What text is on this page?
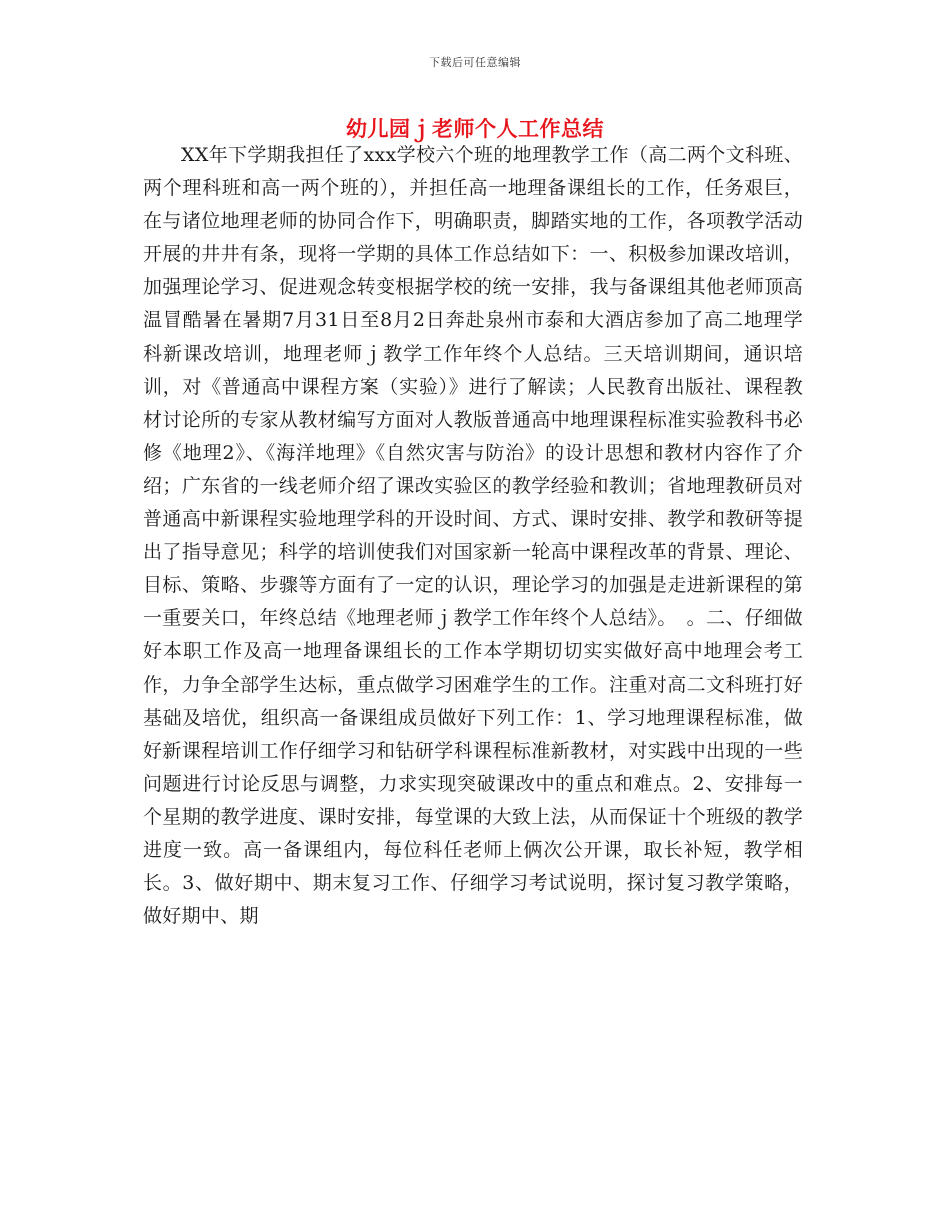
下载后可任意编辑
幼儿园ｊ老师个人工作总结

XX年下学期我担任了xxx学校六个班的地理教学工作（高二两个文科班、两个理科班和高一两个班的），并担任高一地理备课组长的工作，任务艰巨，在与诸位地理老师的协同合作下，明确职责，脚踏实地的工作，各项教学活动开展的井井有条，现将一学期的具体工作总结如下：一、积极参加课改培训，加强理论学习、促进观念转变根据学校的统一安排，我与备课组其他老师顶高温冒酷暑在暑期7月31日至8月2日奔赴泉州市泰和大酒店参加了高二地理学科新课改培训，地理老师ｊ教学工作年终个人总结。三天培训期间，通识培训，对《普通高中课程方案（实验）》进行了解读；人民教育出版社、课程教材讨论所的专家从教材编写方面对人教版普通高中地理课程标准实验教科书必修《地理2》、《海洋地理》《自然灾害与防治》的设计思想和教材内容作了介绍；广东省的一线老师介绍了课改实验区的教学经验和教训；省地理教研员对普通高中新课程实验地理学科的开设时间、方式、课时安排、教学和教研等提出了指导意见；科学的培训使我们对国家新一轮高中课程改革的背景、理论、目标、策略、步骤等方面有了一定的认识，理论学习的加强是走进新课程的第一重要关口，年终总结《地理老师ｊ教学工作年终个人总结》。　。二、仔细做好本职工作及高一地理备课组长的工作本学期切切实实做好高中地理会考工作，力争全部学生达标，重点做学习困难学生的工作。注重对高二文科班打好基础及培优，组织高一备课组成员做好下列工作：1、学习地理课程标准，做好新课程培训工作仔细学习和钻研学科课程标准新教材，对实践中出现的一些问题进行讨论反思与调整，力求实现突破课改中的重点和难点。2、安排每一个星期的教学进度、课时安排，每堂课的大致上法，从而保证十个班级的教学进度一致。高一备课组内，每位科任老师上俩次公开课，取长补短，教学相长。3、做好期中、期末复习工作、仔细学习考试说明，探讨复习教学策略，做好期中、期
